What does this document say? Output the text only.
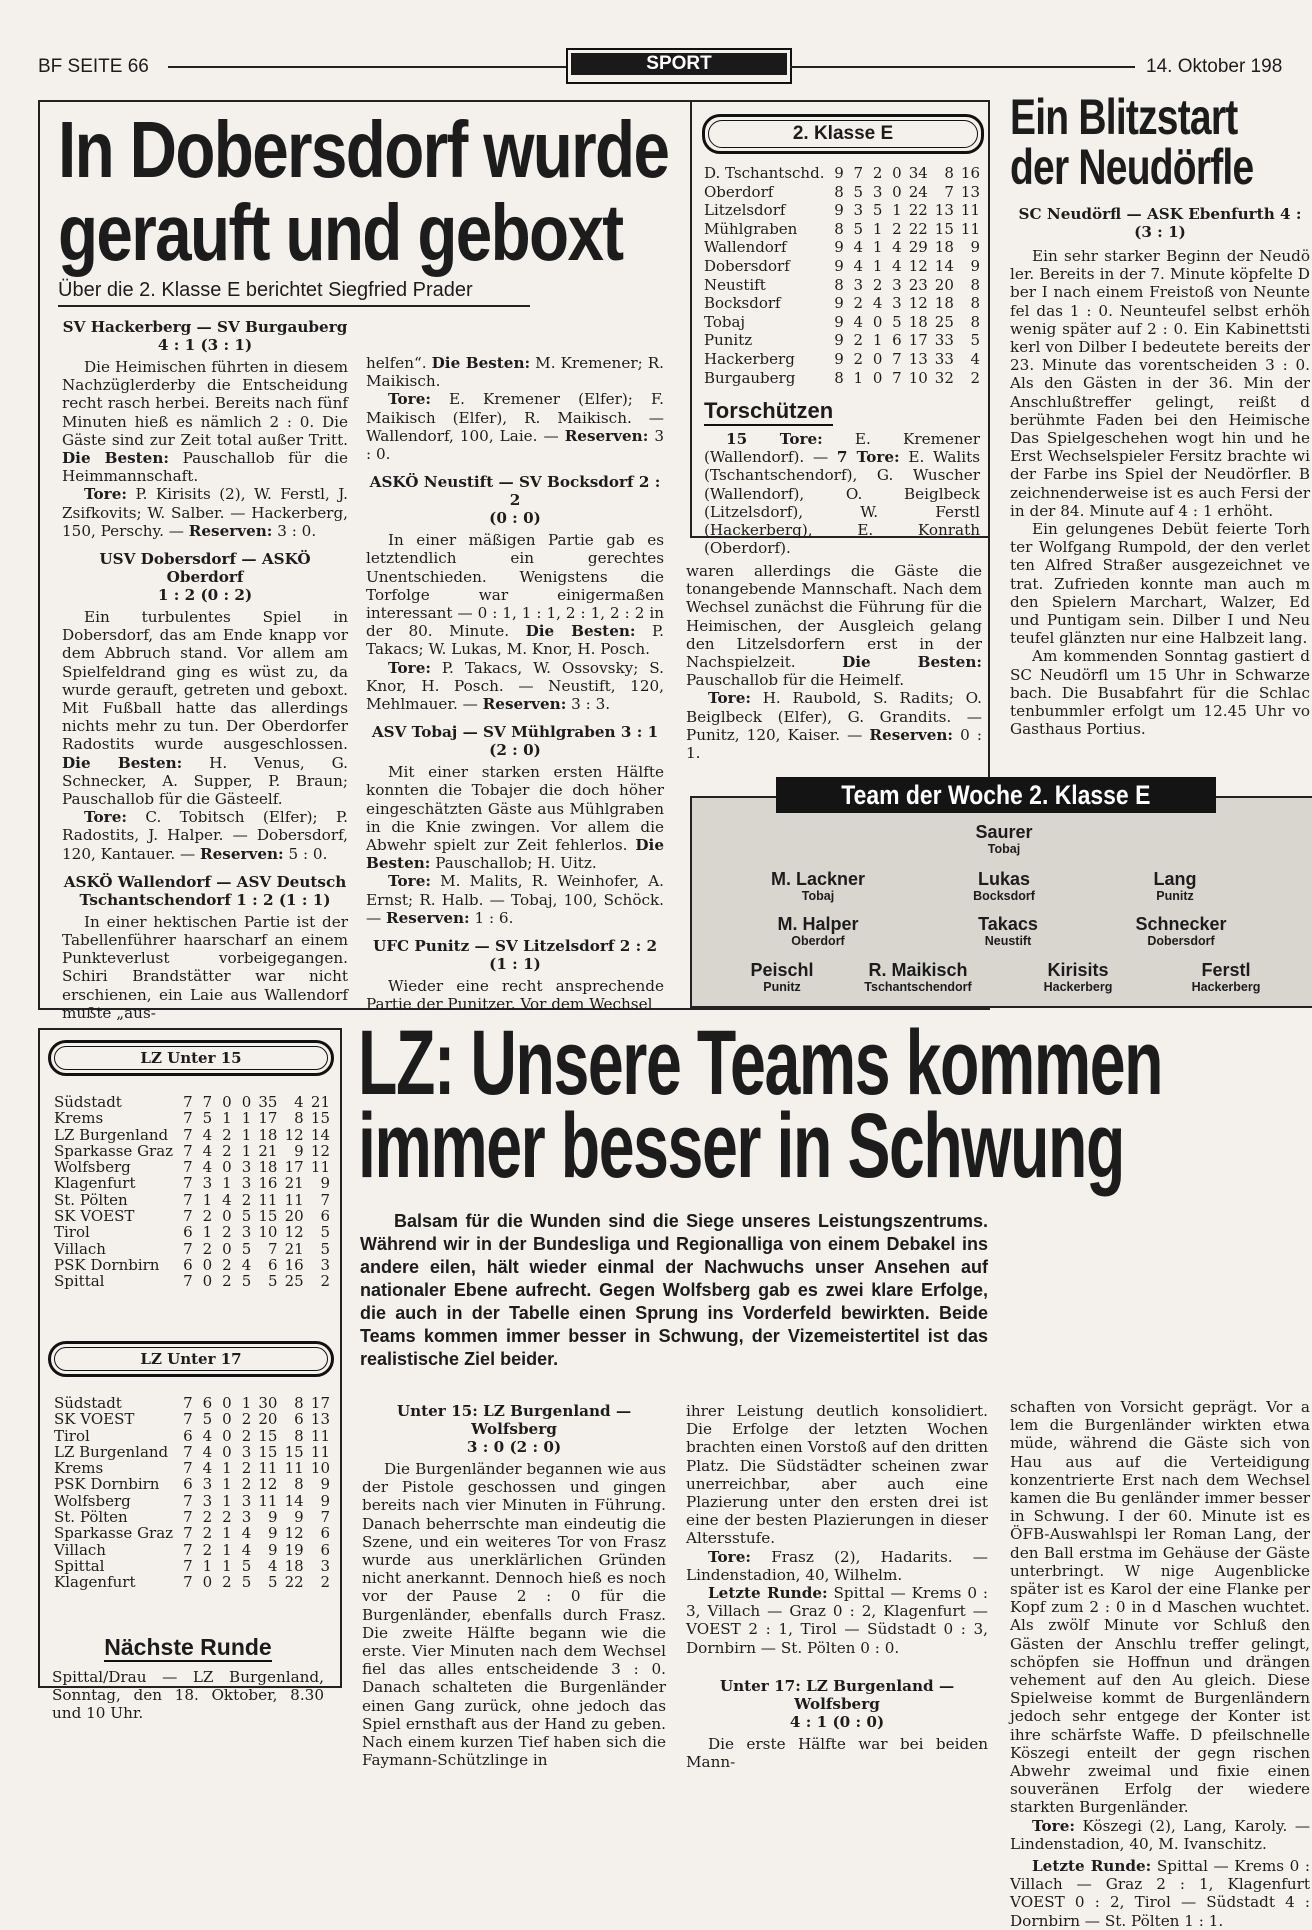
BF SEITE 66	SPORT	14. Oktober 198
In Dobersdorf wurde
gerauft und geboxt
Über die 2. Klasse E berichtet Siegfried Prader
SV Hackerberg — SV Burgauberg
4 : 1 (3 : 1)

Die Heimischen führten in diesem Nachzüglerderby die Entscheidung recht rasch herbei. Bereits nach fünf Minuten hieß es nämlich 2 : 0. Die Gäste sind zur Zeit total außer Tritt. Die Besten: Pauschallob für die Heimmannschaft.

Tore: P. Kirisits (2), W. Ferstl, J. Zsifkovits; W. Salber. — Hackerberg, 150, Perschy. — Reserven: 3 : 0.

USV Dobersdorf — ASKÖ Oberdorf
1 : 2 (0 : 2)

Ein turbulentes Spiel in Dobersdorf, das am Ende knapp vor dem Abbruch stand. Vor allem am Spielfeldrand ging es wüst zu, da wurde gerauft, getreten und geboxt. Mit Fußball hatte das allerdings nichts mehr zu tun. Der Oberdorfer Radostits wurde ausgeschlossen. Die Besten: H. Venus, G. Schnecker, A. Supper, P. Braun; Pauschallob für die Gästeelf.

Tore: C. Tobitsch (Elfer); P. Radostits, J. Halper. — Dobersdorf, 120, Kantauer. — Reserven: 5 : 0.

ASKÖ Wallendorf — ASV Deutsch Tschantschendorf 1 : 2 (1 : 1)

In einer hektischen Partie ist der Tabellenführer haarscharf an einem Punkteverlust vorbeigegangen. Schiri Brandstätter war nicht erschienen, ein Laie aus Wallendorf mußte „aus-

helfen“. Die Besten: M. Kremener; R. Maikisch.

Tore: E. Kremener (Elfer); F. Maikisch (Elfer), R. Maikisch. — Wallendorf, 100, Laie. — Reserven: 3 : 0.

ASKÖ Neustift — SV Bocksdorf 2 : 2
(0 : 0)

In einer mäßigen Partie gab es letztendlich ein gerechtes Unentschieden. Wenigstens die Torfolge war einigermaßen interessant — 0 : 1, 1 : 1, 2 : 1, 2 : 2 in der 80. Minute. Die Besten: P. Takacs; W. Lukas, M. Knor, H. Posch.

Tore: P. Takacs, W. Ossovsky; S. Knor, H. Posch. — Neustift, 120, Mehlmauer. — Reserven: 3 : 3.

ASV Tobaj — SV Mühlgraben 3 : 1
(2 : 0)

Mit einer starken ersten Hälfte konnten die Tobajer die doch höher eingeschätzten Gäste aus Mühlgraben in die Knie zwingen. Vor allem die Abwehr spielt zur Zeit fehlerlos. Die Besten: Pauschallob; H. Uitz.

Tore: M. Malits, R. Weinhofer, A. Ernst; R. Halb. — Tobaj, 100, Schöck. — Reserven: 1 : 6.

UFC Punitz — SV Litzelsdorf 2 : 2
(1 : 1)

Wieder eine recht ansprechende Partie der Punitzer. Vor dem Wechsel

2. Klasse E
D. Tschantschd.	9	7	2	0	34	8	16
Oberdorf	8	5	3	0	24	7	13
Litzelsdorf	9	3	5	1	22	13	11
Mühlgraben	8	5	1	2	22	15	11
Wallendorf	9	4	1	4	29	18	9
Dobersdorf	9	4	1	4	12	14	9
Neustift	8	3	2	3	23	20	8
Bocksdorf	9	2	4	3	12	18	8
Tobaj	9	4	0	5	18	25	8
Punitz	9	2	1	6	17	33	5
Hackerberg	9	2	0	7	13	33	4
Burgauberg	8	1	0	7	10	32	2
Torschützen

15 Tore: E. Kremener (Wallendorf). — 7 Tore: E. Walits (Tschantschendorf), G. Wuscher (Wallendorf), O. Beiglbeck (Litzelsdorf), W. Ferstl (Hackerberg), E. Konrath (Oberdorf).

waren allerdings die Gäste die tonangebende Mannschaft. Nach dem Wechsel zunächst die Führung für die Heimischen, der Ausgleich gelang den Litzelsdorfern erst in der Nachspielzeit.	Die Besten: Pauschallob für die Heimelf.

Tore: H. Raubold, S. Radits; O. Beiglbeck (Elfer), G. Grandits. — Punitz, 120, Kaiser. — Reserven: 0 : 1.

Ein Blitzstart
der Neudörfle
SC Neudörfl — ASK Ebenfurth 4 :
(3 : 1)

Ein sehr starker Beginn der Neudö ler. Bereits in der 7. Minute köpfelte D ber I nach einem Freistoß von Neunte fel das 1 : 0. Neunteufel selbst erhöh wenig später auf 2 : 0. Ein Kabinettsti kerl von Dilber I bedeutete bereits der 23. Minute das vorentscheiden 3 : 0. Als den Gästen in der 36. Min der Anschlußtreffer gelingt, reißt d berühmte Faden bei den Heimische Das Spielgeschehen wogt hin und he Erst Wechselspieler Fersitz brachte wi der Farbe ins Spiel der Neudörfler. B zeichnenderweise ist es auch Fersi der in der 84. Minute auf 4 : 1 erhöht.

Ein gelungenes Debüt feierte Torh ter Wolfgang Rumpold, der den verlet ten Alfred Straßer ausgezeichnet ve trat. Zufrieden konnte man auch m den Spielern Marchart, Walzer, Ed und Puntigam sein. Dilber I und Neu teufel glänzten nur eine Halbzeit lang.

Am kommenden Sonntag gastiert d SC Neudörfl um 15 Uhr in Schwarze bach. Die Busabfahrt für die Schlac tenbummler erfolgt um 12.45 Uhr vo Gasthaus Portius.

Team der Woche 2. Klasse E
Saurer
Tobaj
M. Lackner
Tobaj
Lukas
Bocksdorf
Lang
Punitz
M. Halper
Oberdorf
Takacs
Neustift
Schnecker
Dobersdorf
Peischl
Punitz
R. Maikisch
Tschantschendorf
Kirisits
Hackerberg
Ferstl
Hackerberg
LZ Unter 15
Südstadt	7	7	0	0	35	4	21
Krems	7	5	1	1	17	8	15
LZ Burgenland	7	4	2	1	18	12	14
Sparkasse Graz	7	4	2	1	21	9	12
Wolfsberg	7	4	0	3	18	17	11
Klagenfurt	7	3	1	3	16	21	9
St. Pölten	7	1	4	2	11	11	7
SK VOEST	7	2	0	5	15	20	6
Tirol	6	1	2	3	10	12	5
Villach	7	2	0	5	7	21	5
PSK Dornbirn	6	0	2	4	6	16	3
Spittal	7	0	2	5	5	25	2
LZ Unter 17
Südstadt	7	6	0	1	30	8	17
SK VOEST	7	5	0	2	20	6	13
Tirol	6	4	0	2	15	8	11
LZ Burgenland	7	4	0	3	15	15	11
Krems	7	4	1	2	11	11	10
PSK Dornbirn	6	3	1	2	12	8	9
Wolfsberg	7	3	1	3	11	14	9
St. Pölten	7	2	2	3	9	9	7
Sparkasse Graz	7	2	1	4	9	12	6
Villach	7	2	1	4	9	19	6
Spittal	7	1	1	5	4	18	3
Klagenfurt	7	0	2	5	5	22	2
Nächste Runde

Spittal/Drau — LZ Burgenland, Sonntag, den 18. Oktober, 8.30 und 10 Uhr.

LZ: Unsere Teams kommen
immer besser in Schwung
Balsam für die Wunden sind die Siege unseres Leistungszentrums. Während wir in der Bundesliga und Regionalliga von einem Debakel ins andere eilen, hält wieder einmal der Nachwuchs unser Ansehen auf nationaler Ebene aufrecht. Gegen Wolfsberg gab es zwei klare Erfolge, die auch in der Tabelle einen Sprung ins Vorderfeld bewirkten. Beide Teams kommen immer besser in Schwung, der Vizemeistertitel ist das realistische Ziel beider.
Unter 15: LZ Burgenland — Wolfsberg
3 : 0 (2 : 0)

Die Burgenländer begannen wie aus der Pistole geschossen und gingen bereits nach vier Minuten in Führung. Danach beherrschte man eindeutig die Szene, und ein weiteres Tor von Frasz wurde aus unerklärlichen Gründen nicht anerkannt. Dennoch hieß es noch vor der Pause 2 : 0 für die Burgenländer, ebenfalls durch Frasz. Die zweite Hälfte begann wie die erste. Vier Minuten nach dem Wechsel fiel das alles entscheidende 3 : 0. Danach schalteten die Burgenländer einen Gang zurück, ohne jedoch das Spiel ernsthaft aus der Hand zu geben. Nach einem kurzen Tief haben sich die Faymann-Schützlinge in

ihrer Leistung deutlich konsolidiert. Die Erfolge der letzten Wochen brachten einen Vorstoß auf den dritten Platz. Die Südstädter scheinen zwar unerreichbar, aber auch eine Plazierung unter den ersten drei ist eine der besten Plazierungen in dieser Altersstufe.

Tore: Frasz (2), Hadarits. — Lindenstadion, 40, Wilhelm.

Letzte Runde: Spittal — Krems 0 : 3, Villach — Graz 0 : 2, Klagenfurt — VOEST 2 : 1, Tirol — Südstadt 0 : 3, Dornbirn — St. Pölten 0 : 0.

Unter 17: LZ Burgenland — Wolfsberg
4 : 1 (0 : 0)

Die erste Hälfte war bei beiden Mann-

schaften von Vorsicht geprägt. Vor a lem die Burgenländer wirkten etwa müde, während die Gäste sich von Hau aus auf die Verteidigung konzentrierte Erst nach dem Wechsel kamen die Bu genländer immer besser in Schwung. I der 60. Minute ist es ÖFB-Auswahlspi ler Roman Lang, der den Ball erstma im Gehäuse der Gäste unterbringt. W nige Augenblicke später ist es Karol der eine Flanke per Kopf zum 2 : 0 in d Maschen wuchtet. Als zwölf Minute vor Schluß den Gästen der Anschlu treffer gelingt, schöpfen sie Hoffnun und drängen vehement auf den Au gleich. Diese Spielweise kommt de Burgenländern jedoch sehr entgege der Konter ist ihre schärfste Waffe. D pfeilschnelle Köszegi enteilt der gegn rischen Abwehr zweimal und fixie einen souveränen Erfolg der wiedere starkten Burgenländer.

Tore: Köszegi (2), Lang, Karoly. — Lindenstadion, 40, M. Ivanschitz.

Letzte Runde: Spittal — Krems 0 : Villach — Graz 2 : 1, Klagenfurt VOEST 0 : 2, Tirol — Südstadt 4 : Dornbirn — St. Pölten 1 : 1.
